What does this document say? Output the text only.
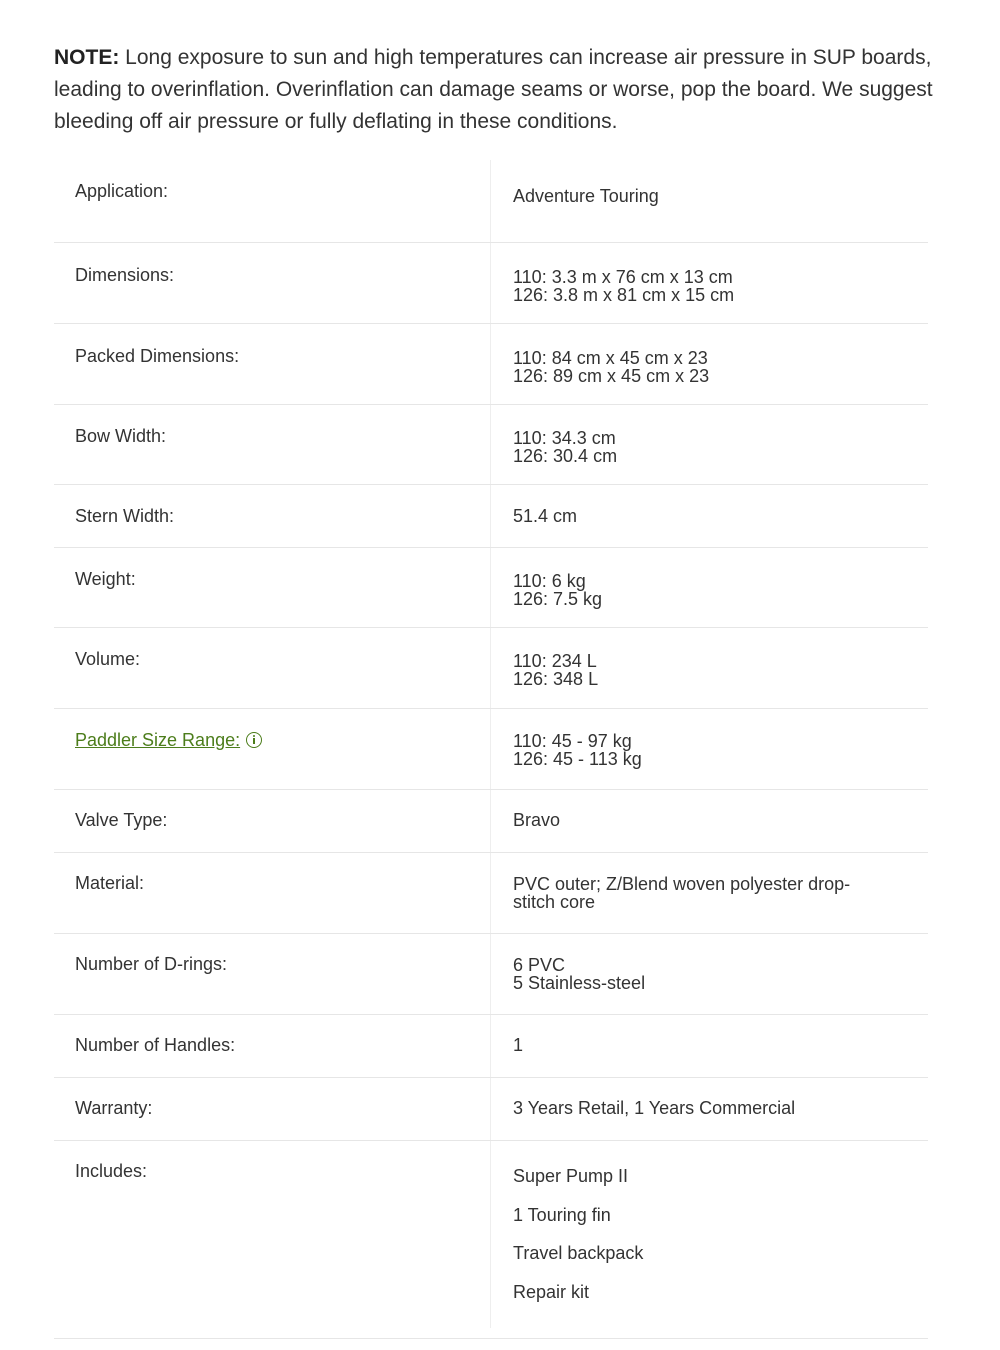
NOTE: Long exposure to sun and high temperatures can increase air pressure in SUP boards, leading to overinflation. Overinflation can damage seams or worse, pop the board. We suggest bleeding off air pressure or fully deflating in these conditions.

Application:	Adventure Touring
Dimensions:	110: 3.3 m x 76 cm x 13 cm
126: 3.8 m x 81 cm x 15 cm
Packed Dimensions:	110: 84 cm x 45 cm x 23
126: 89 cm x 45 cm x 23
Bow Width:	110: 34.3 cm
126: 30.4 cm
Stern Width:	51.4 cm
Weight:	110: 6 kg
126: 7.5 kg
Volume:	110: 234 L
126: 348 L
Paddler Size Range:	110: 45 - 97 kg
126: 45 - 113 kg
Valve Type:	Bravo
Material:	PVC outer; Z/Blend woven polyester drop-
stitch core
Number of D-rings:	6 PVC
5 Stainless-steel
Number of Handles:	1
Warranty:	3 Years Retail, 1 Years Commercial
Includes:	Super Pump II
1 Touring fin
Travel backpack
Repair kit
